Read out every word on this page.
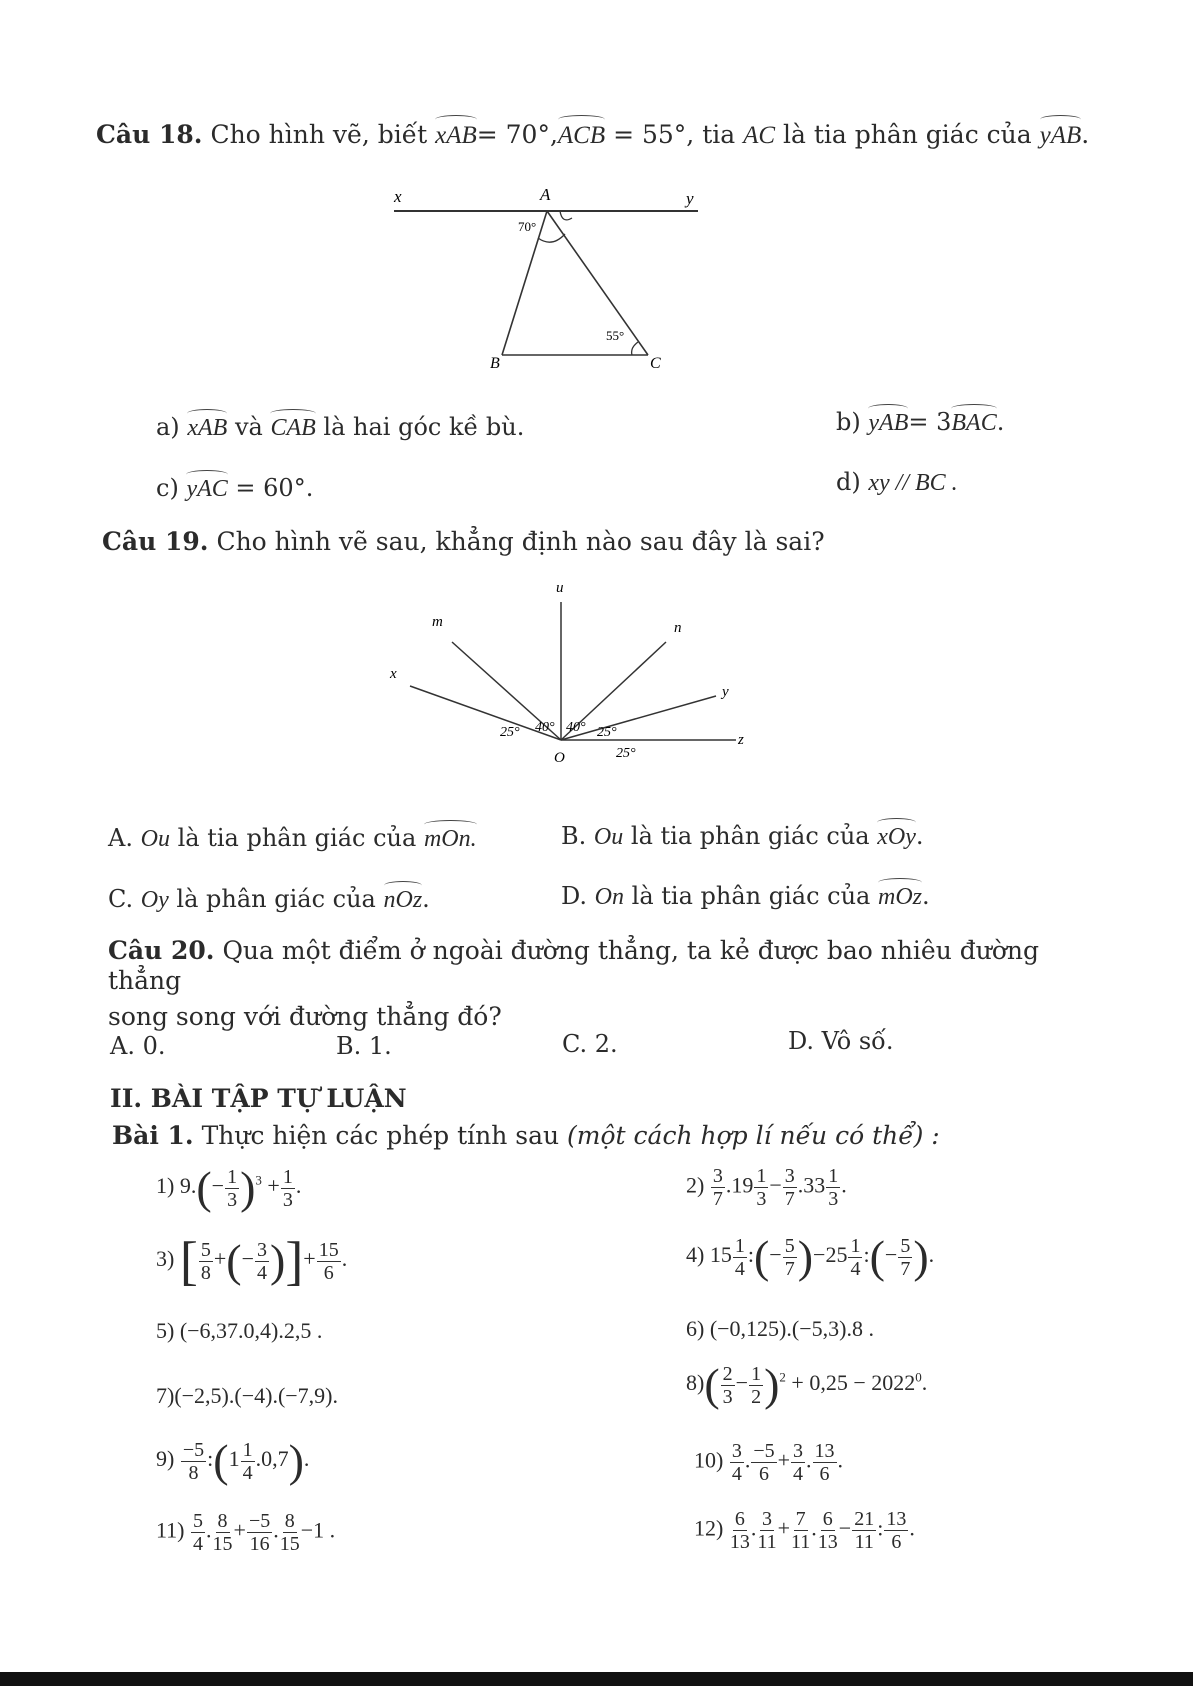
Câu 18. Cho hình vẽ, biết xAB= 70°,ACB = 55°, tia AC là tia phân giác của yAB.
x	A	y
B	C
70°
55°
a) xAB và CAB là hai góc kề bù.	b) yAB= 3BAC.
c) yAC = 60°.	d) xy // BC .
Câu 19. Cho hình vẽ sau, khẳng định nào sau đây là sai?
u
m	n
x
y
z
O
25° 40° 40° 25°
25°
A. Ou là tia phân giác của mOn.	B. Ou là tia phân giác của xOy.
C. Oy là phân giác của nOz.	D. On là tia phân giác của mOz.
Câu 20. Qua một điểm ở ngoài đường thẳng, ta kẻ được bao nhiêu đường thẳng
song song với đường thẳng đó?
A. 0.	B. 1.	C. 2.	D. Vô số.
II. BÀI TẬP TỰ LUẬN
Bài 1. Thực hiện các phép tính sau (một cách hợp lí nếu có thể) :
1) $9.(- \frac{1}{3} )^3 + \frac{1}{3}$ .	$2) \frac{3}{7} .19 \frac{1}{3} - \frac{3}{7} .33 \frac{1}{3}$ .
3) [ $\frac{5}{8}$ +(− $\frac{3}{4}$ )]+ $\frac{15}{6}$ .	4) $15 \frac{1}{4}$ :(− $\frac{5}{7} )-25 \frac{1}{4}$ :(− $\frac{5}{7}$ ).
5) (−6,37.0,4).2,5 .	6) (−0,125).(−5,3).8 .
7)(−2,5).(−4).(−7,9).
$8)( \frac{2}{3} - \frac{1}{2} )^2 + 0,25 - 2022^0$.
$9) \frac{-5}{8}$ :(1 $\frac{1}{4} .0,7$).	$10) \frac{3}{4}$ . $\frac{-5}{6} + \frac{3}{4}$ . $\frac{13}{6}$ .
$11) \frac{5}{4}$ . $\frac{8}{15} + \frac{-5}{16}$ . $\frac{8}{15} -1$ .	$12) \frac{6}{13}$ . $\frac{3}{11} + \frac{7}{11}$ . $\frac{6}{13} - \frac{21}{11}$ : $\frac{13}{6}$ .
